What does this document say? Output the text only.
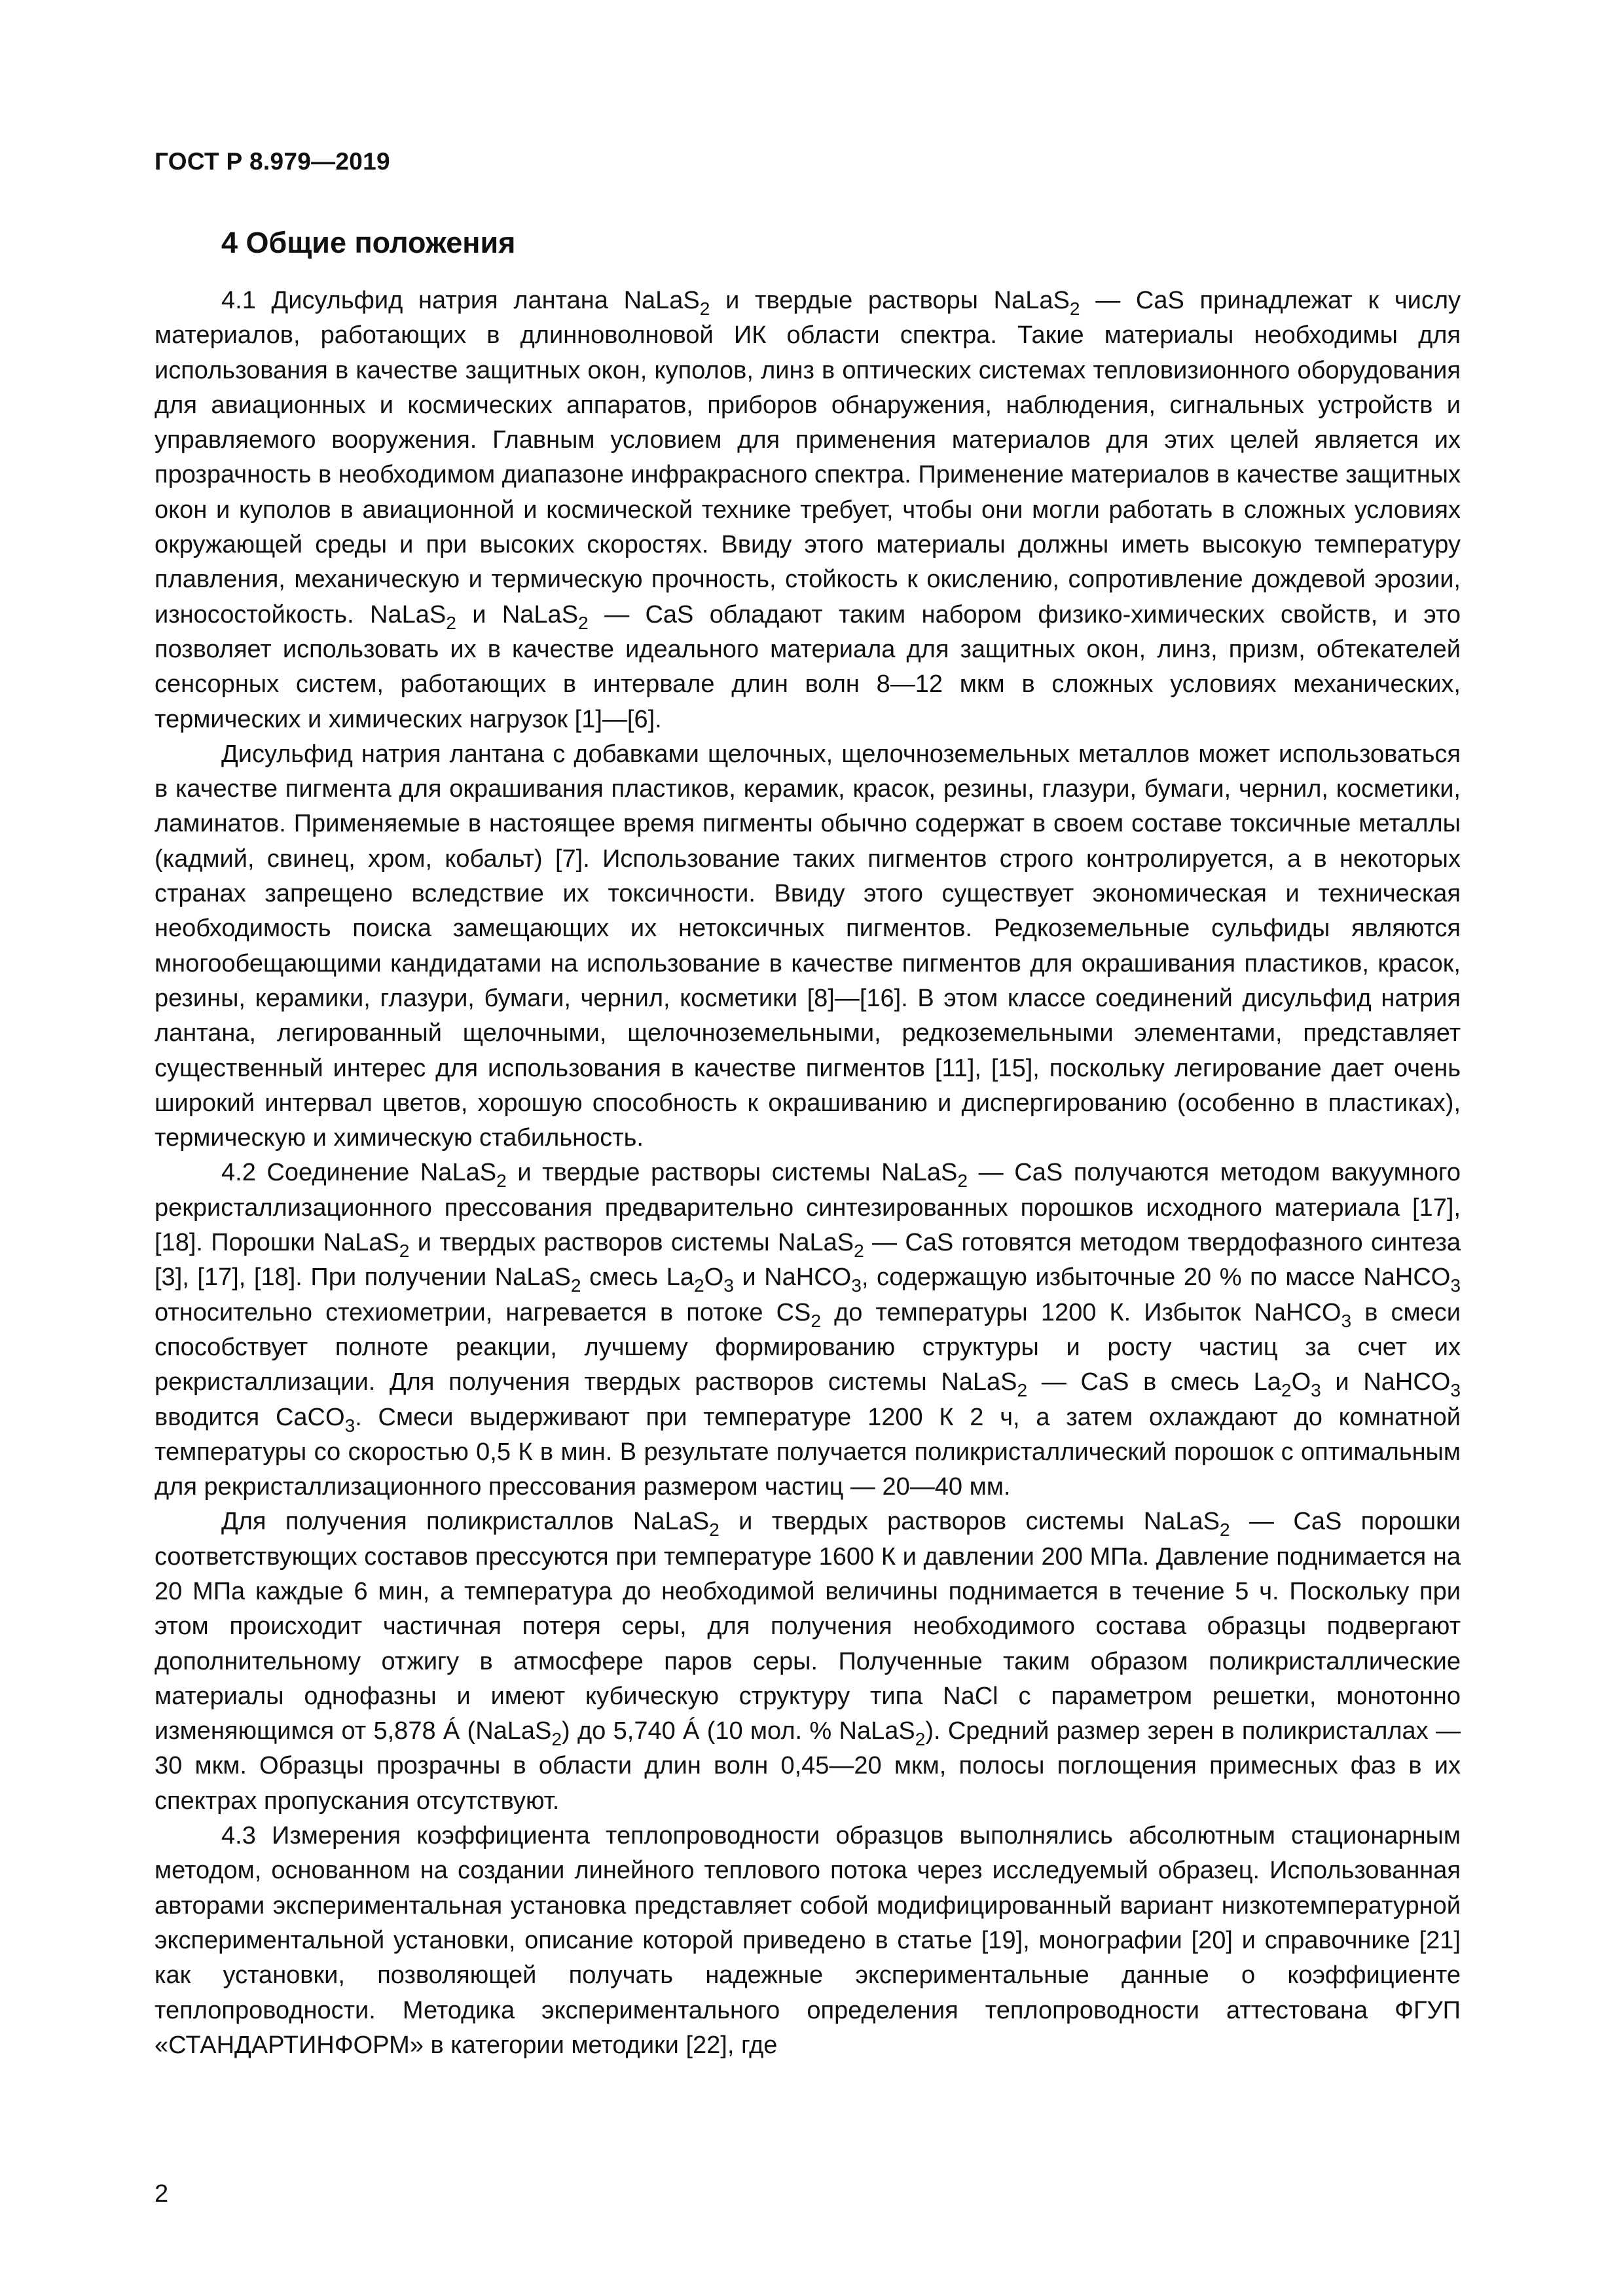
ГОСТ Р 8.979—2019
4 Общие положения

4.1 Дисульфид натрия лантана NaLaS$_2$ и твердые растворы NaLaS$_2$ — CaS принадлежат к числу материалов, работающих в длинноволновой ИК области спектра. Такие материалы необходимы для использования в качестве защитных окон, куполов, линз в оптических системах тепловизионного оборудования для авиационных и космических аппаратов, приборов обнаружения, наблюдения, сигнальных устройств и управляемого вооружения. Главным условием для применения материалов для этих целей является их прозрачность в необходимом диапазоне инфракрасного спектра. Применение материалов в качестве защитных окон и куполов в авиационной и космической технике требует, чтобы они могли работать в сложных условиях окружающей среды и при высоких скоростях. Ввиду этого материалы должны иметь высокую температуру плавления, механическую и термическую прочность, стойкость к окислению, сопротивление дождевой эрозии, износостойкость. NaLaS$_2$ и NaLaS$_2$ — CaS обладают таким набором физико-химических свойств, и это позволяет использовать их в качестве идеального материала для защитных окон, линз, призм, обтекателей сенсорных систем, работающих в интервале длин волн 8—12 мкм в сложных условиях механических, термических и химических нагрузок [1]—[6].

Дисульфид натрия лантана с добавками щелочных, щелочноземельных металлов может использоваться в качестве пигмента для окрашивания пластиков, керамик, красок, резины, глазури, бумаги, чернил, косметики, ламинатов. Применяемые в настоящее время пигменты обычно содержат в своем составе токсичные металлы (кадмий, свинец, хром, кобальт) [7]. Использование таких пигментов строго контролируется, а в некоторых странах запрещено вследствие их токсичности. Ввиду этого существует экономическая и техническая необходимость поиска замещающих их нетоксичных пигментов. Редкоземельные сульфиды являются многообещающими кандидатами на использование в качестве пигментов для окрашивания пластиков, красок, резины, керамики, глазури, бумаги, чернил, косметики [8]—[16]. В этом классе соединений дисульфид натрия лантана, легированный щелочными, щелочноземельными, редкоземельными элементами, представляет существенный интерес для использования в качестве пигментов [11], [15], поскольку легирование дает очень широкий интервал цветов, хорошую способность к окрашиванию и диспергированию (особенно в пластиках), термическую и химическую стабильность.

4.2 Соединение NaLaS$_2$ и твердые растворы системы NaLaS$_2$ — CaS получаются методом вакуумного рекристаллизационного прессования предварительно синтезированных порошков исходного материала [17], [18]. Порошки NaLaS$_2$ и твердых растворов системы NaLaS$_2$ — CaS готовятся методом твердофазного синтеза [3], [17], [18]. При получении NaLaS$_2$ смесь $La_2O_3$ и NaHCO$_3$, содержащую избыточные 20 % по массе NaHCO$_3$ относительно стехиометрии, нагревается в потоке $CS_2$ до температуры 1200 К. Избыток NaHCO$_3$ в смеси способствует полноте реакции, лучшему формированию структуры и росту частиц за счет их рекристаллизации. Для получения твердых растворов системы NaLaS$_2$ — CaS в смесь $La_2O_3$ и NaHCO$_3$ вводится CaCO$_3$. Смеси выдерживают при температуре 1200 К 2 ч, а затем охлаждают до комнатной температуры со скоростью 0,5 К в мин. В результате получается поликристаллический порошок с оптимальным для рекристаллизационного прессования размером частиц — 20—40 мм.

Для получения поликристаллов NaLaS$_2$ и твердых растворов системы NaLaS$_2$ — CaS порошки соответствующих составов прессуются при температуре 1600 К и давлении 200 МПа. Давление поднимается на 20 МПа каждые 6 мин, а температура до необходимой величины поднимается в течение 5 ч. Поскольку при этом происходит частичная потеря серы, для получения необходимого состава образцы подвергают дополнительному отжигу в атмосфере паров серы. Полученные таким образом поликристаллические материалы однофазны и имеют кубическую структуру типа NaCl с параметром решетки, монотонно изменяющимся от 5,878 Á (NaLaS$_2$) до 5,740 Á (10 мол. % NaLaS$_2$). Средний размер зерен в поликристаллах — 30 мкм. Образцы прозрачны в области длин волн 0,45—20 мкм, полосы поглощения примесных фаз в их спектрах пропускания отсутствуют.

4.3 Измерения коэффициента теплопроводности образцов выполнялись абсолютным стационарным методом, основанном на создании линейного теплового потока через исследуемый образец. Использованная авторами экспериментальная установка представляет собой модифицированный вариант низкотемпературной экспериментальной установки, описание которой приведено в статье [19], монографии [20] и справочнике [21] как установки, позволяющей получать надежные экспериментальные данные о коэффициенте теплопроводности. Методика экспериментального определения теплопроводности аттестована ФГУП «СТАНДАРТИНФОРМ» в категории методики [22], где

2
